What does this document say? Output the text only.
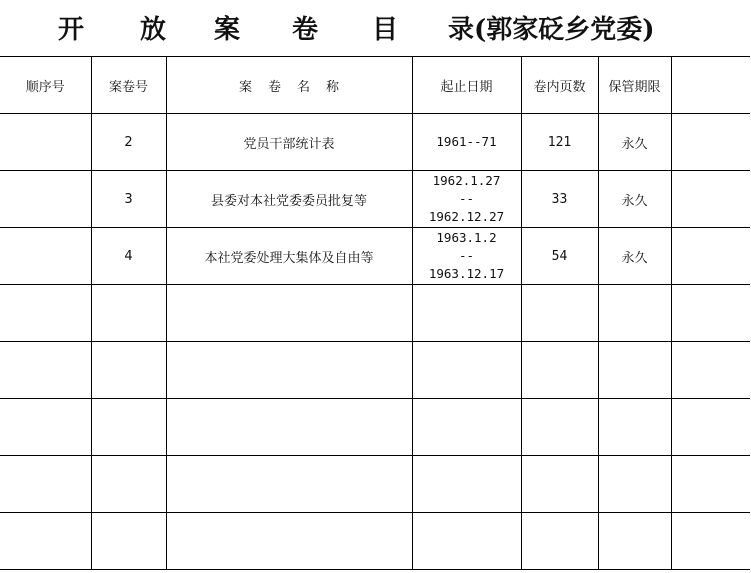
开 放 案 卷 目 录(郭家砭乡党委)
顺序号	案卷号	案卷名称	起止日期	卷内页数	保管期限	
	2	党员干部统计表	1961--71	121	永久	
	3	县委对本社党委委员批复等	1962.1.27
--
1962.12.27	33	永久	
	4	本社党委处理大集体及自由等	1963.1.2
--
1963.12.17	54	永久	
